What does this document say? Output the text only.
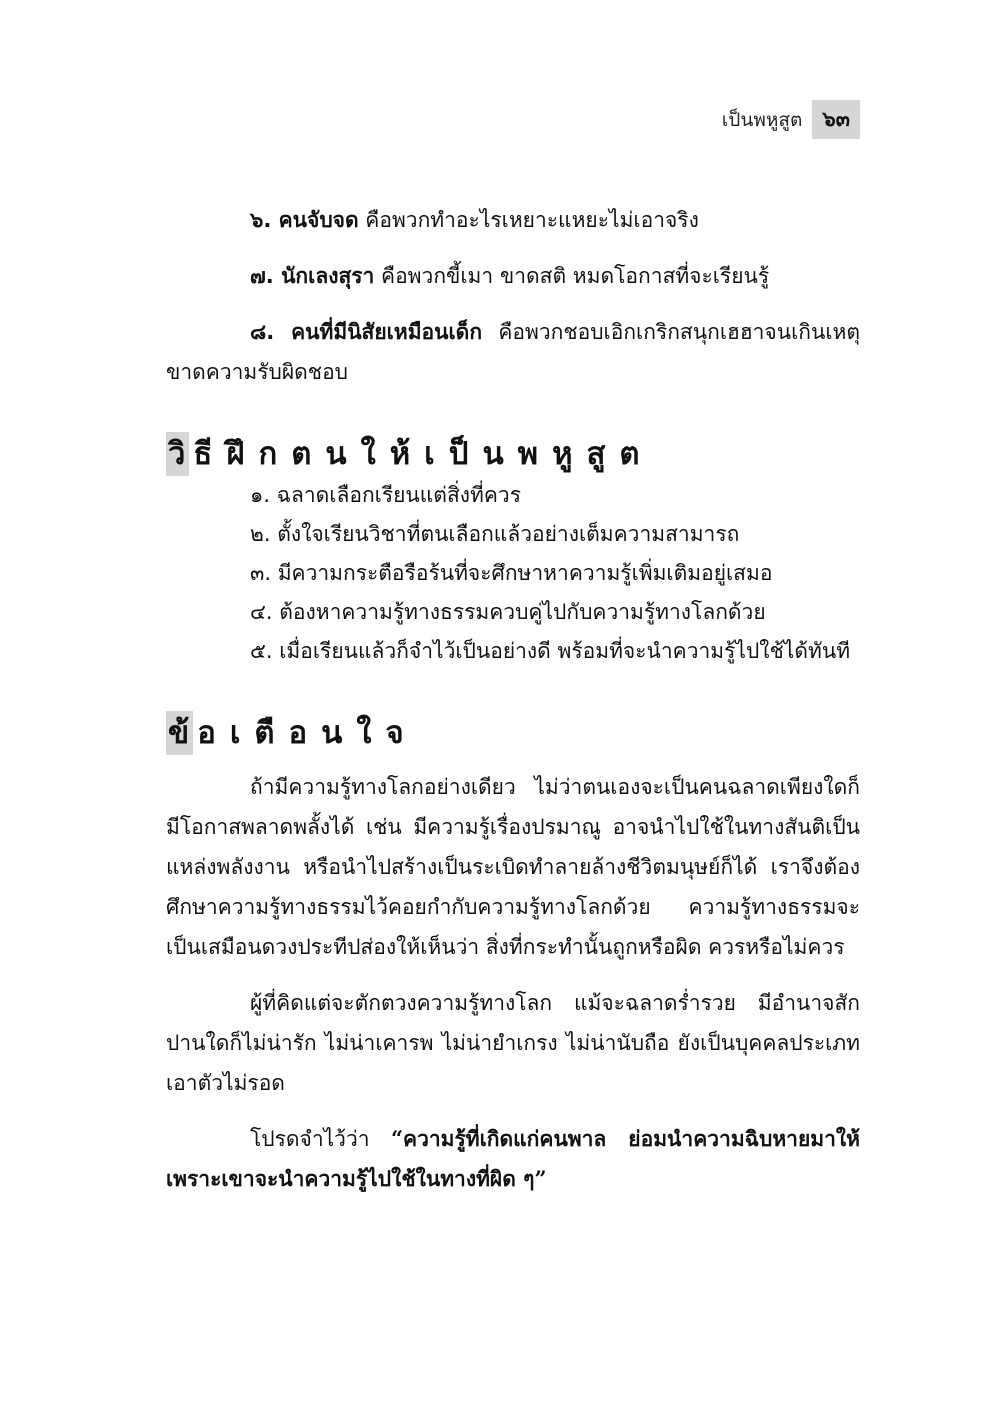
เป็นพหูสูต ๖๓

๖. คนจับจด คือพวกทำอะไรเหยาะแหยะไม่เอาจริง

๗. นักเลงสุรา คือพวกขี้เมา ขาดสติ หมดโอกาสที่จะเรียนรู้

๘. คนที่มีนิสัยเหมือนเด็ก คือพวกชอบเอิกเกริกสนุกเฮฮาจนเกินเหตุ ขาดความรับผิดชอบ

วิ ธีฝึกตนให้เป็นพหูสูต
๑. ฉลาดเลือกเรียนแต่สิ่งที่ควร
๒. ตั้งใจเรียนวิชาที่ตนเลือกแล้วอย่างเต็มความสามารถ
๓. มีความกระตือรือร้นที่จะศึกษาหาความรู้เพิ่มเติมอยู่เสมอ
๔. ต้องหาความรู้ทางธรรมควบคู่ไปกับความรู้ทางโลกด้วย
๕. เมื่อเรียนแล้วก็จำไว้เป็นอย่างดี พร้อมที่จะนำความรู้ไปใช้ได้ทันที
ข้ อเตือนใจ

ถ้ามีความรู้ทางโลกอย่างเดียว ไม่ว่าตนเองจะเป็นคนฉลาดเพียงใดก็มีโอกาสพลาดพลั้งได้ เช่น มีความรู้เรื่องปรมาณู อาจนำไปใช้ในทางสันติเป็นแหล่งพลังงาน หรือนำไปสร้างเป็นระเบิดทำลายล้างชีวิตมนุษย์ก็ได้ เราจึงต้องศึกษาความรู้ทางธรรมไว้คอยกำกับความรู้ทางโลกด้วย ความรู้ทางธรรมจะเป็นเสมือนดวงประทีปส่องให้เห็นว่า สิ่งที่กระทำนั้นถูกหรือผิด ควรหรือไม่ควร

ผู้ที่คิดแต่จะตักตวงความรู้ทางโลก แม้จะฉลาดร่ำรวย มีอำนาจสักปานใดก็ไม่น่ารัก ไม่น่าเคารพ ไม่น่ายำเกรง ไม่น่านับถือ ยังเป็นบุคคลประเภทเอาตัวไม่รอด

โปรดจำไว้ว่า “ความรู้ที่เกิดแก่คนพาล ย่อมนำความฉิบหายมาให้ เพราะเขาจะนำความรู้ไปใช้ในทางที่ผิด ๆ”
